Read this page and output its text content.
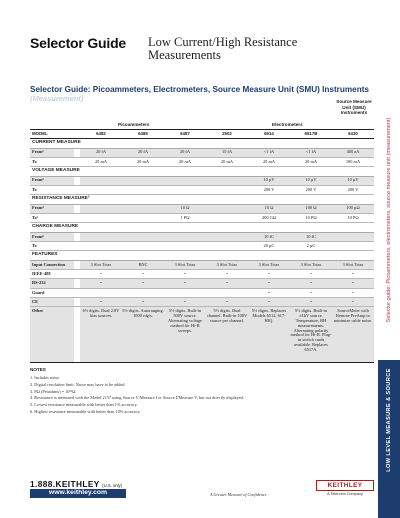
Selector Guide Low Current/High Resistance Measurements
Selector Guide: Picoammeters, Electrometers, Source Measure Unit (SMU) Instruments
(Measurement)
Picoammeters	Electrometers
Source Measure Unit (SMU) Instruments
MODEL		6482	6485	6487	2502	6514	6517B	6430
CURRENT MEASURE								
From¹		20 fA	20 fA	20 fA	15 fA	<1 fA	<1 fA	400 aA
To		20 mA	20 mA	20 mA	20 mA	20 mA	20 mA	100 mA
VOLTAGE MEASURE								
From²						10 µV	10 µV	10 µV
To						200 V	200 V	200 V
RESISTANCE MEASURE³								
From⁴				10 Ω		10 Ω	100 Ω	100 µΩ
To⁵				1 PΩ		200 GΩ	10 PΩ	10 PΩ
CHARGE MEASURE								
From⁶						10 fC	10 fC	
To						20 µC	2 µC	
FEATURES								
Input Connection		3 Slot Triax	BNC	3 Slot Triax	3 Slot Triax	3 Slot Triax	3 Slot Triax	3 Slot Triax
IEEE-488		•	•	•	•	•	•	•
RS-232		•	•	•	•	•	•	•
Guard						•	•	•
CE		•	•	•	•	•	•	•
Other		6½ digits. Dual 2.8V bias sources.	5½ digits. Autoranging. 1000 rdg/s.	5½ digits. Built-in 500V source. Alternating voltage method for Hi-R sweeps.	5½ digits. Dual channel. Built-in 100V source per channel.	5½ digits. Replaces Models 6512, 617-HIQ.	5½ digits. Built-in ±1kV source. Temperature, RH measurements. Alternating polarity method for Hi-R. Plug-in switch cards available. Replaces 6517A.	SourceMeter with Remote PreAmp to minimize cable noise.
NOTES
1. Includes noise.
2. Digital resolution limit. Noise may have to be added.
3. PΩ (Petaohms) = 10¹⁵Ω.
4. Resistance is measured with the Model 2157 using Source V/Measure I or Source I/Measure V, but not directly displayed.
5. Lowest resistance measurable with better than 1% accuracy.
6. Highest resistance measurable with better than 10% accuracy.
1.888.KEITHLEY (U.S. only)
www.keithley.com	A Greater Measure of Confidence
KEITHLEY
A Tektronix Company
Selector guide: Picoammeters, electrometers, source measure unit (measurement)
LOW LEVEL MEASURE & SOURCE
